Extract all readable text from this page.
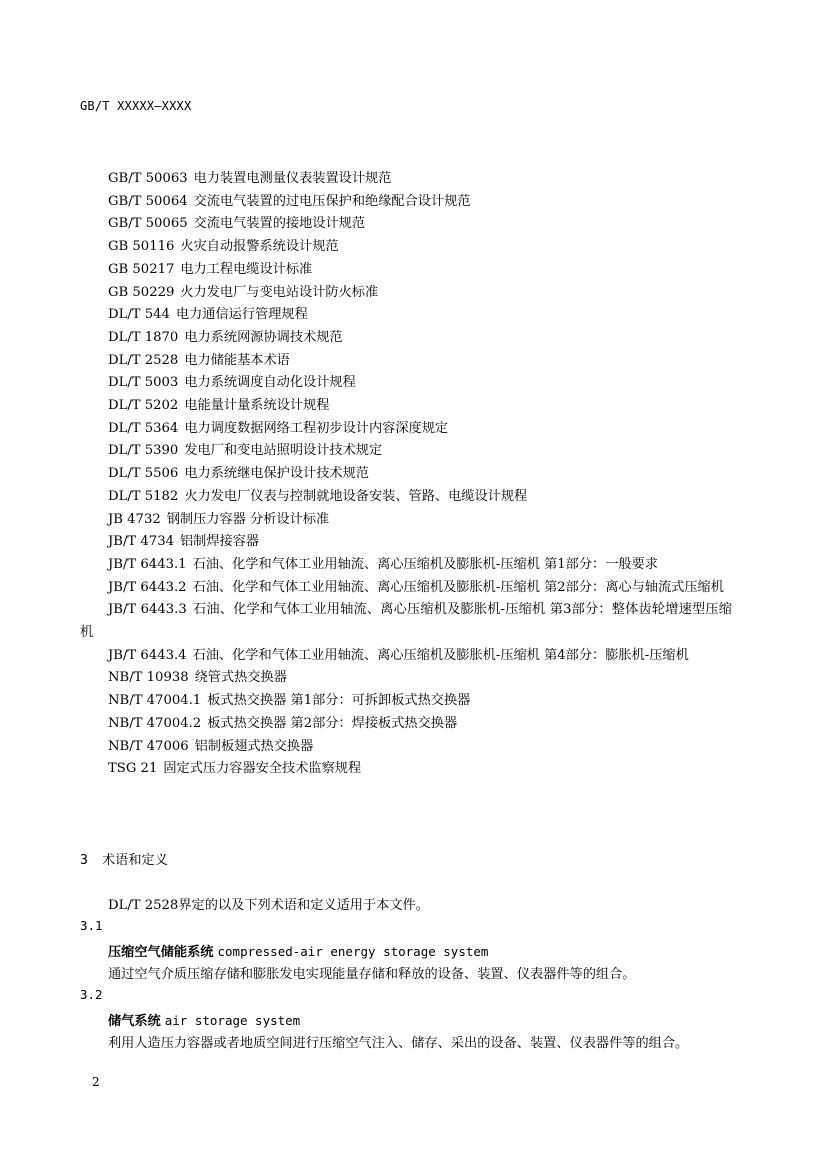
GB/T XXXXX—XXXX

GB/T 50063 电力装置电测量仪表装置设计规范

GB/T 50064 交流电气装置的过电压保护和绝缘配合设计规范

GB/T 50065 交流电气装置的接地设计规范

GB 50116 火灾自动报警系统设计规范

GB 50217 电力工程电缆设计标准

GB 50229 火力发电厂与变电站设计防火标准

DL/T 544 电力通信运行管理规程

DL/T 1870 电力系统网源协调技术规范

DL/T 2528 电力储能基本术语

DL/T 5003 电力系统调度自动化设计规程

DL/T 5202 电能量计量系统设计规程

DL/T 5364 电力调度数据网络工程初步设计内容深度规定

DL/T 5390 发电厂和变电站照明设计技术规定

DL/T 5506 电力系统继电保护设计技术规范

DL/T 5182 火力发电厂仪表与控制就地设备安装、管路、电缆设计规程

JB 4732 钢制压力容器 分析设计标准

JB/T 4734 铝制焊接容器

JB/T 6443.1 石油、化学和气体工业用轴流、离心压缩机及膨胀机-压缩机 第1部分：一般要求

JB/T 6443.2 石油、化学和气体工业用轴流、离心压缩机及膨胀机-压缩机 第2部分：离心与轴流式压缩机

JB/T 6443.3 石油、化学和气体工业用轴流、离心压缩机及膨胀机-压缩机 第3部分：整体齿轮增速型压缩机

JB/T 6443.4 石油、化学和气体工业用轴流、离心压缩机及膨胀机-压缩机 第4部分：膨胀机-压缩机

NB/T 10938 绕管式热交换器

NB/T 47004.1 板式热交换器 第1部分：可拆卸板式热交换器

NB/T 47004.2 板式热交换器 第2部分：焊接板式热交换器

NB/T 47006 铝制板翅式热交换器

TSG 21 固定式压力容器安全技术监察规程

3 术语和定义
DL/T 2528界定的以及下列术语和定义适用于本文件。
3.1
压缩空气储能系统 compressed-air energy storage system
通过空气介质压缩存储和膨胀发电实现能量存储和释放的设备、装置、仪表器件等的组合。
3.2
储气系统 air storage system
利用人造压力容器或者地质空间进行压缩空气注入、储存、采出的设备、装置、仪表器件等的组合。
2
